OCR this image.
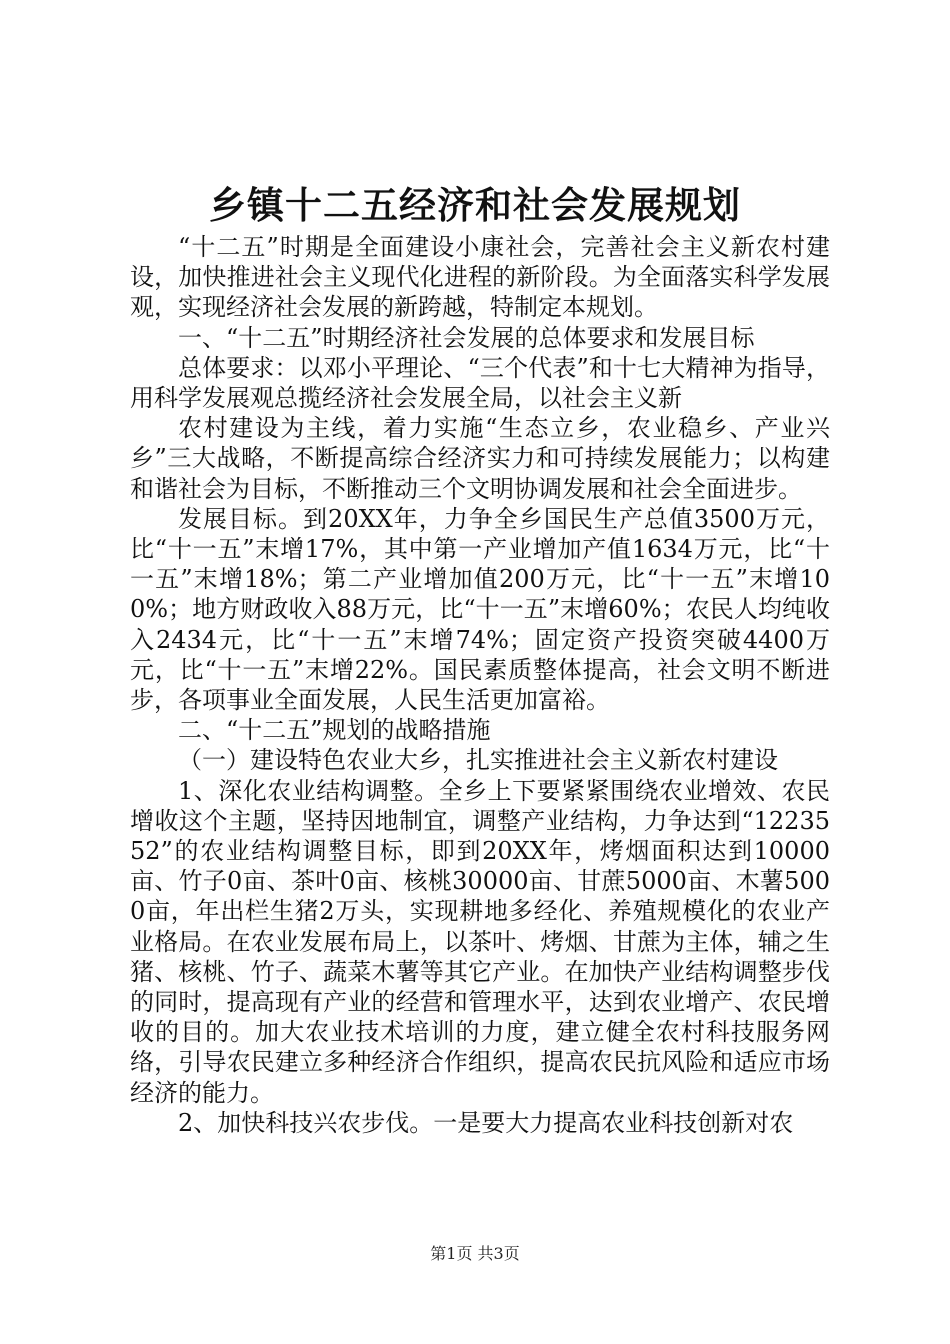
乡镇十二五经济和社会发展规划

“十二五”时期是全面建设小康社会，完善社会主义新农村建设，加快推进社会主义现代化进程的新阶段。为全面落实科学发展观，实现经济社会发展的新跨越，特制定本规划。

一、“十二五”时期经济社会发展的总体要求和发展目标

总体要求：以邓小平理论、“三个代表”和十七大精神为指导，用科学发展观总揽经济社会发展全局，以社会主义新

农村建设为主线，着力实施“生态立乡，农业稳乡、产业兴乡”三大战略，不断提高综合经济实力和可持续发展能力；以构建和谐社会为目标，不断推动三个文明协调发展和社会全面进步。

发展目标。到20XX年，力争全乡国民生产总值3500万元，比“十一五”末增17%，其中第一产业增加产值1634万元，比“十一五”末增18%；第二产业增加值200万元，比“十一五”末增100%；地方财政收入88万元，比“十一五”末增60%；农民人均纯收入2434元，比“十一五”末增74%；固定资产投资突破4400万元，比“十一五”末增22%。国民素质整体提高，社会文明不断进步，各项事业全面发展，人民生活更加富裕。

二、“十二五”规划的战略措施

（一）建设特色农业大乡，扎实推进社会主义新农村建设

1、深化农业结构调整。全乡上下要紧紧围绕农业增效、农民增收这个主题，坚持因地制宜，调整产业结构，力争达到“1223552”的农业结构调整目标，即到20XX年，烤烟面积达到10000亩、竹子0亩、茶叶0亩、核桃30000亩、甘蔗5000亩、木薯5000亩，年出栏生猪2万头，实现耕地多经化、养殖规模化的农业产业格局。在农业发展布局上，以茶叶、烤烟、甘蔗为主体，辅之生猪、核桃、竹子、蔬菜木薯等其它产业。在加快产业结构调整步伐的同时，提高现有产业的经营和管理水平，达到农业增产、农民增收的目的。加大农业技术培训的力度，建立健全农村科技服务网络，引导农民建立多种经济合作组织，提高农民抗风险和适应市场经济的能力。

2、加快科技兴农步伐。一是要大力提高农业科技创新对农

第1页 共3页
